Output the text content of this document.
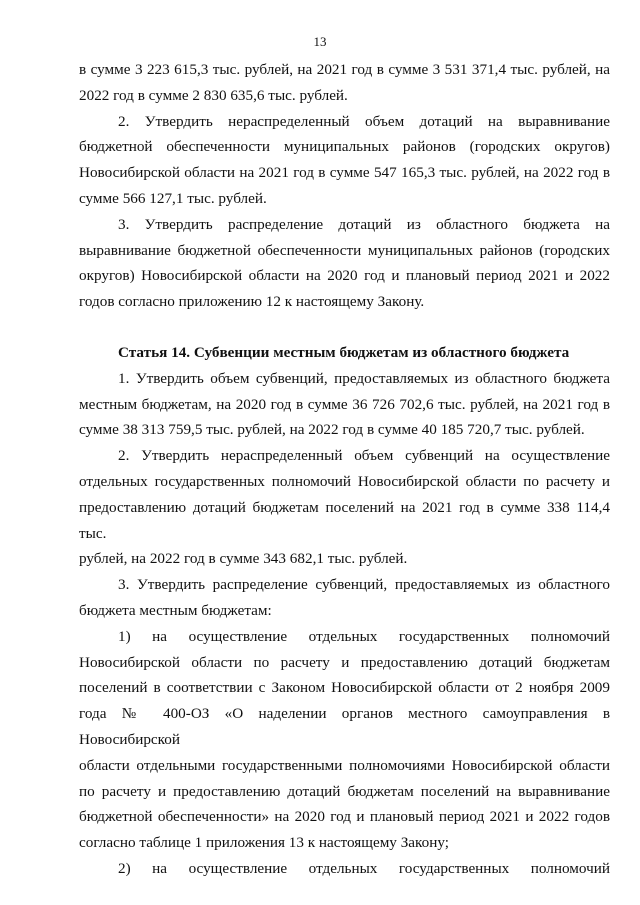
13
в сумме 3 223 615,3 тыс. рублей, на 2021 год в сумме 3 531 371,4 тыс. рублей, на
2022 год в сумме 2 830 635,6 тыс. рублей.
2. Утвердить нераспределенный объем дотаций на выравнивание
бюджетной обеспеченности муниципальных районов (городских округов)
Новосибирской области на 2021 год в сумме 547 165,3 тыс. рублей, на 2022 год в
сумме 566 127,1 тыс. рублей.
3. Утвердить распределение дотаций из областного бюджета на
выравнивание бюджетной обеспеченности муниципальных районов (городских
округов) Новосибирской области на 2020 год и плановый период 2021 и 2022
годов согласно приложению 12 к настоящему Закону.
Статья 14. Субвенции местным бюджетам из областного бюджета
1. Утвердить объем субвенций, предоставляемых из областного бюджета
местным бюджетам, на 2020 год в сумме 36 726 702,6 тыс. рублей, на 2021 год в
сумме 38 313 759,5 тыс. рублей, на 2022 год в сумме 40 185 720,7 тыс. рублей.
2. Утвердить нераспределенный объем субвенций на осуществление
отдельных государственных полномочий Новосибирской области по расчету и
предоставлению дотаций бюджетам поселений на 2021 год в сумме 338 114,4 тыс.
рублей, на 2022 год в сумме 343 682,1 тыс. рублей.
3. Утвердить распределение субвенций, предоставляемых из областного
бюджета местным бюджетам:
1) на осуществление отдельных государственных полномочий
Новосибирской области по расчету и предоставлению дотаций бюджетам
поселений в соответствии с Законом Новосибирской области от 2 ноября 2009
года № 400-ОЗ «О наделении органов местного самоуправления в Новосибирской
области отдельными государственными полномочиями Новосибирской области
по расчету и предоставлению дотаций бюджетам поселений на выравнивание
бюджетной обеспеченности» на 2020 год и плановый период 2021 и 2022 годов
согласно таблице 1 приложения 13 к настоящему Закону;
2) на осуществление отдельных государственных полномочий
